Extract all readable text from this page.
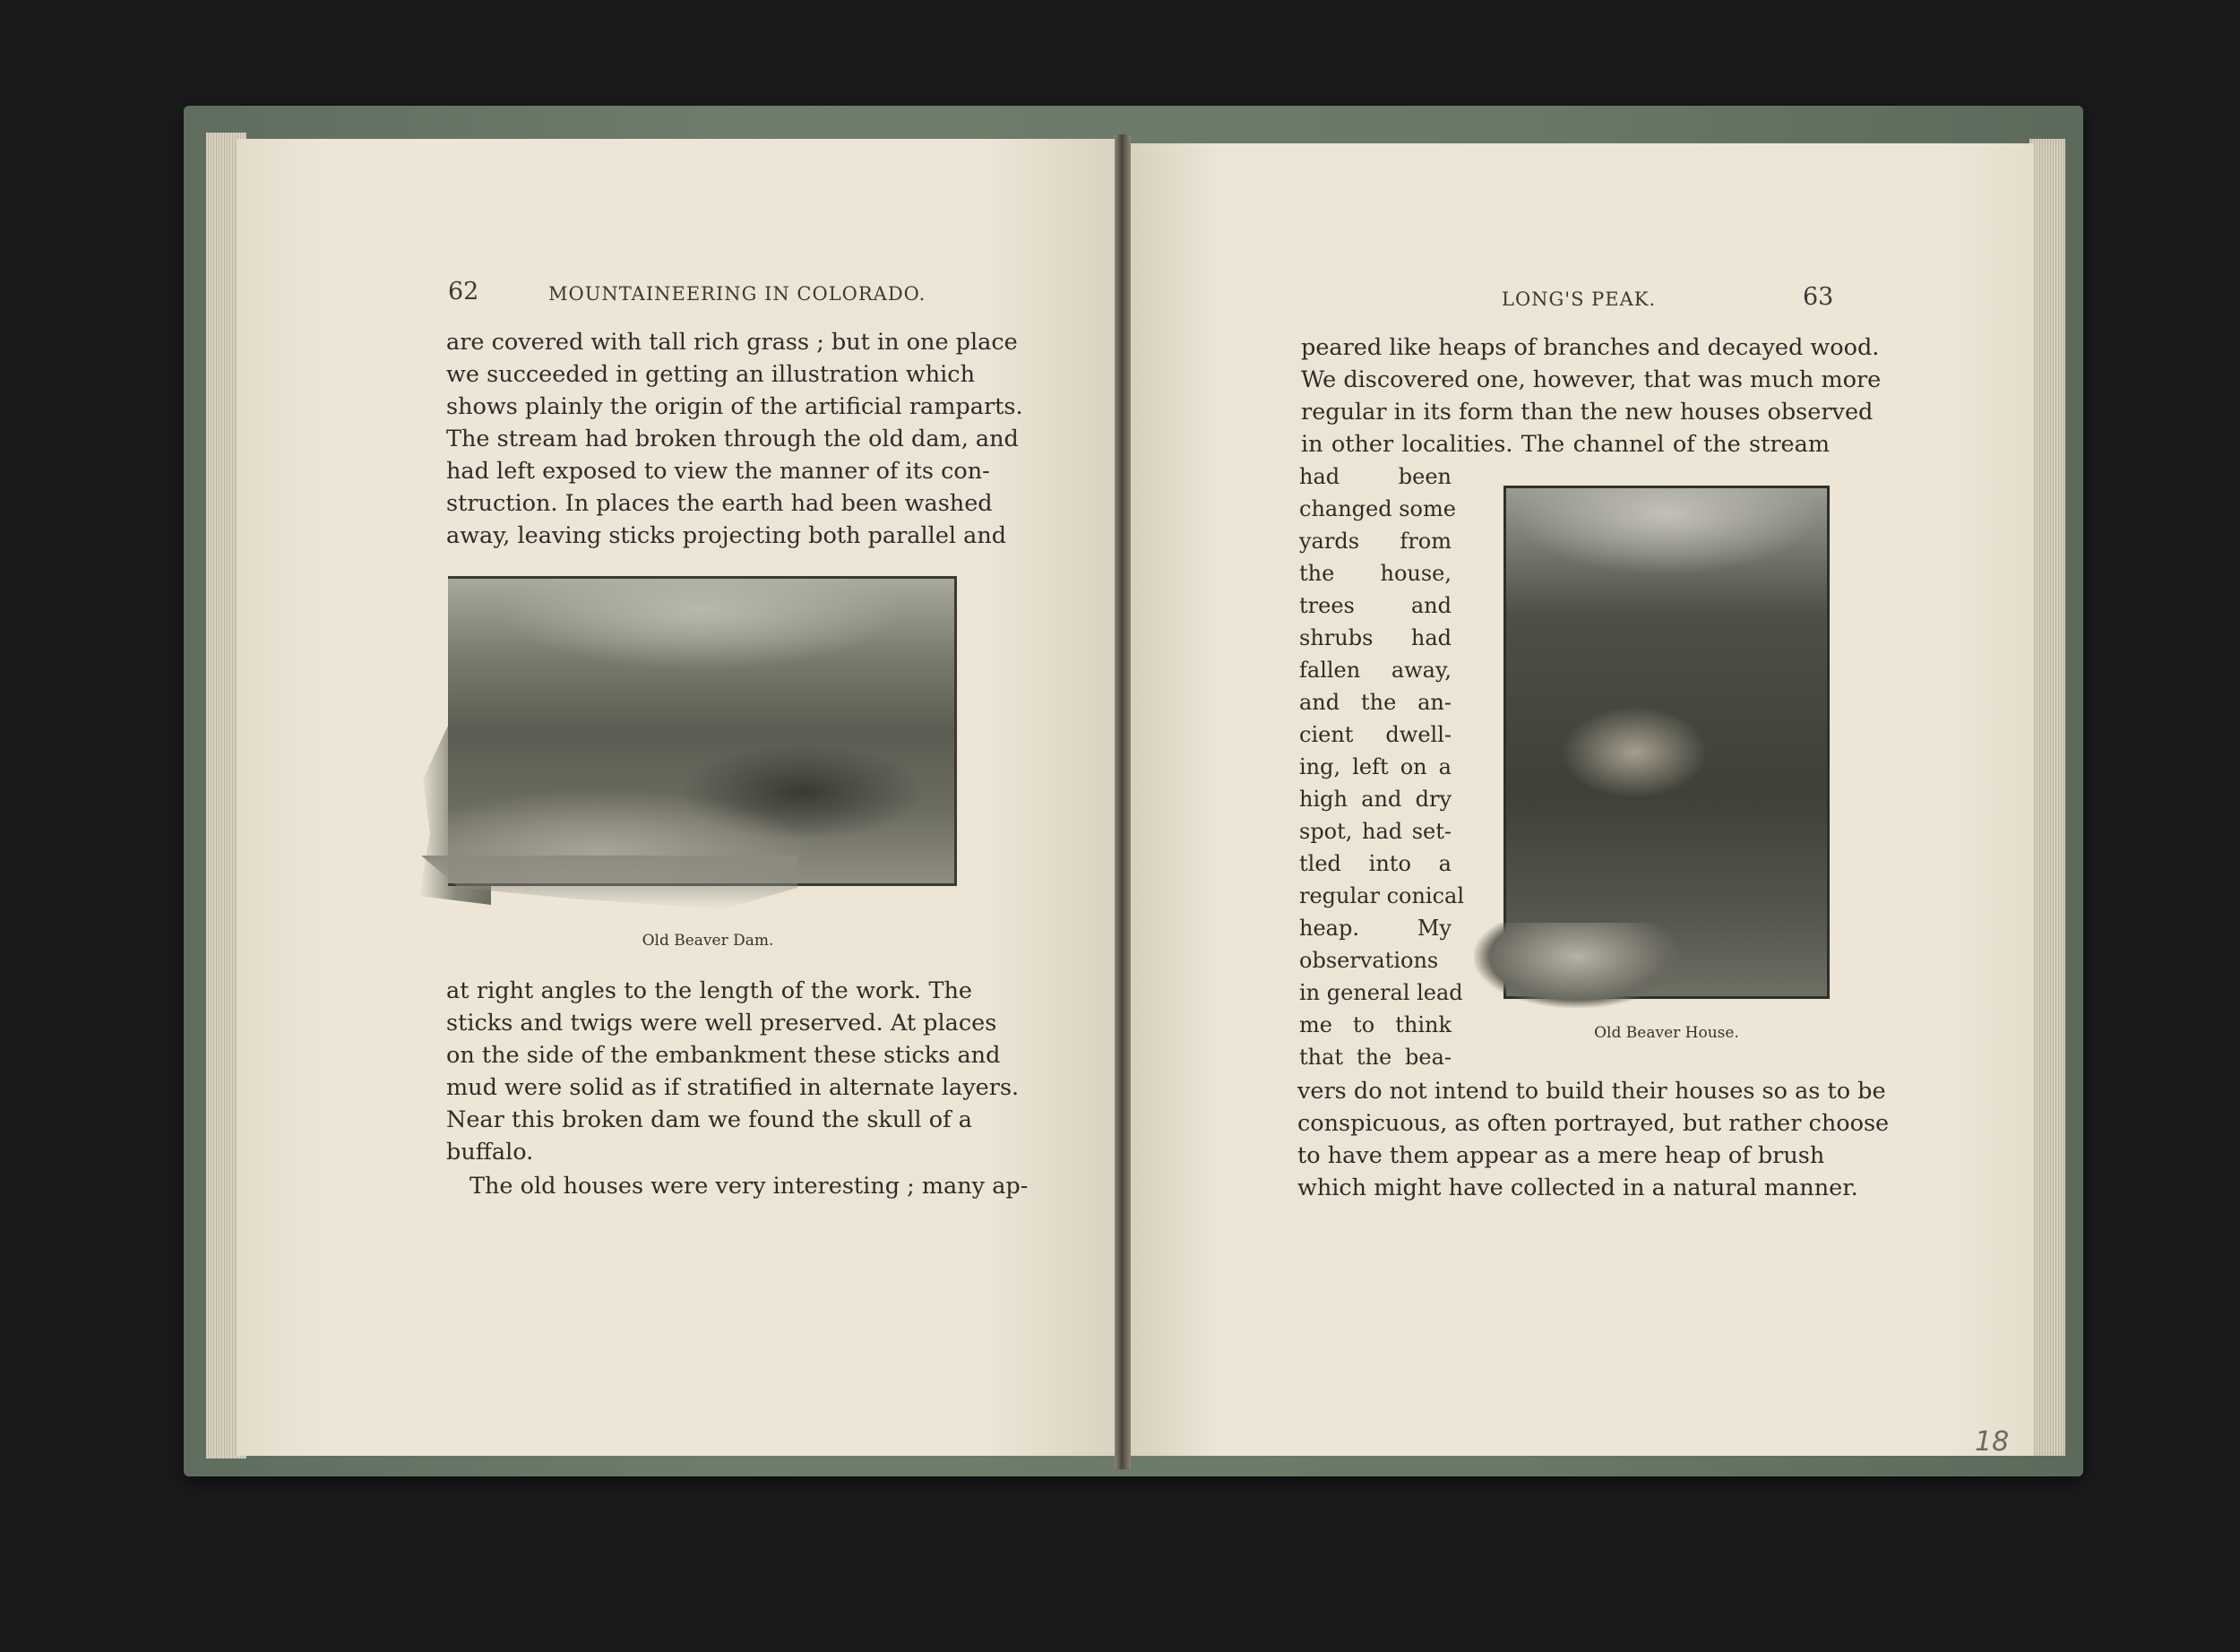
62	MOUNTAINEERING IN COLORADO.
are covered with tall rich grass ; but in one place
we succeeded in getting an illustration which
shows plainly the origin of the artificial ramparts.
The stream had broken through the old dam, and
had left exposed to view the manner of its con-
struction. In places the earth had been washed
away, leaving sticks projecting both parallel and
Old Beaver Dam.
at right angles to the length of the work. The
sticks and twigs were well preserved. At places
on the side of the embankment these sticks and
mud were solid as if stratified in alternate layers.
Near this broken dam we found the skull of a
buffalo.
The old houses were very interesting ; many ap-
LONG'S PEAK.	63
peared like heaps of branches and decayed wood.
We discovered one, however, that was much more
regular in its form than the new houses observed
in other localities. The channel of the stream
had been
changed some
yards from
the house,
trees and
shrubs had
fallen away,
and the an-
cient dwell-
ing, left on a
high and dry
spot, had set-
tled into a
regular conical
heap. My
observations
in general lead
me to think
that the bea-
Old Beaver House.
vers do not intend to build their houses so as to be
conspicuous, as often portrayed, but rather choose
to have them appear as a mere heap of brush
which might have collected in a natural manner.
18
